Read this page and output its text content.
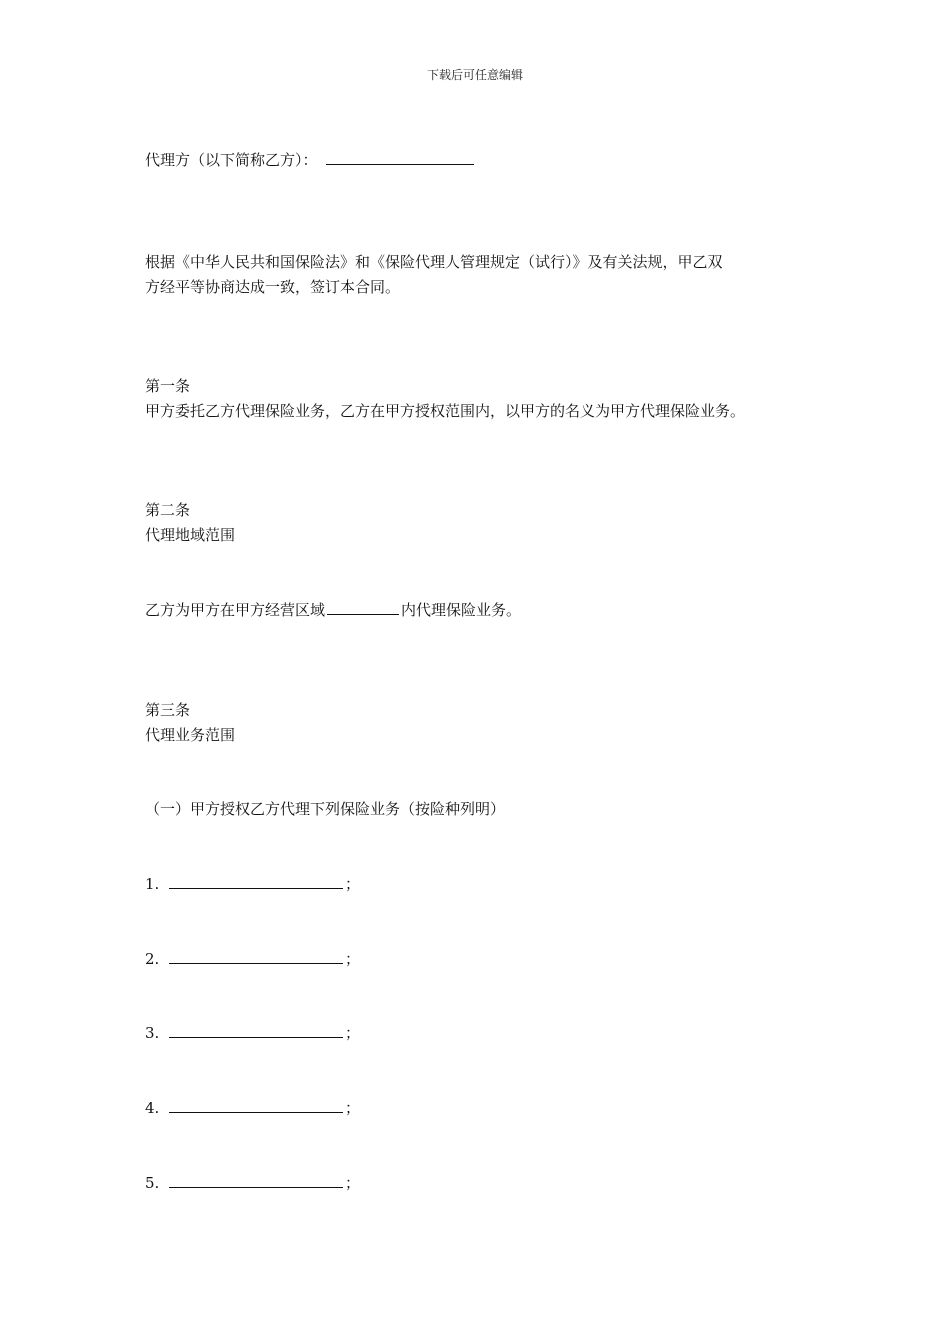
下载后可任意编辑
代理方（以下简称乙方）：
根据《中华人民共和国保险法》和《保险代理人管理规定（试行）》及有关法规，甲乙双
方经平等协商达成一致，签订本合同。
第一条
甲方委托乙方代理保险业务，乙方在甲方授权范围内，以甲方的名义为甲方代理保险业务。
第二条
代理地域范围
乙方为甲方在甲方经营区域	内代理保险业务。
第三条
代理业务范围
（一）甲方授权乙方代理下列保险业务（按险种列明）
1.	；
2.	；
3.	；
4.	；
5.	；
